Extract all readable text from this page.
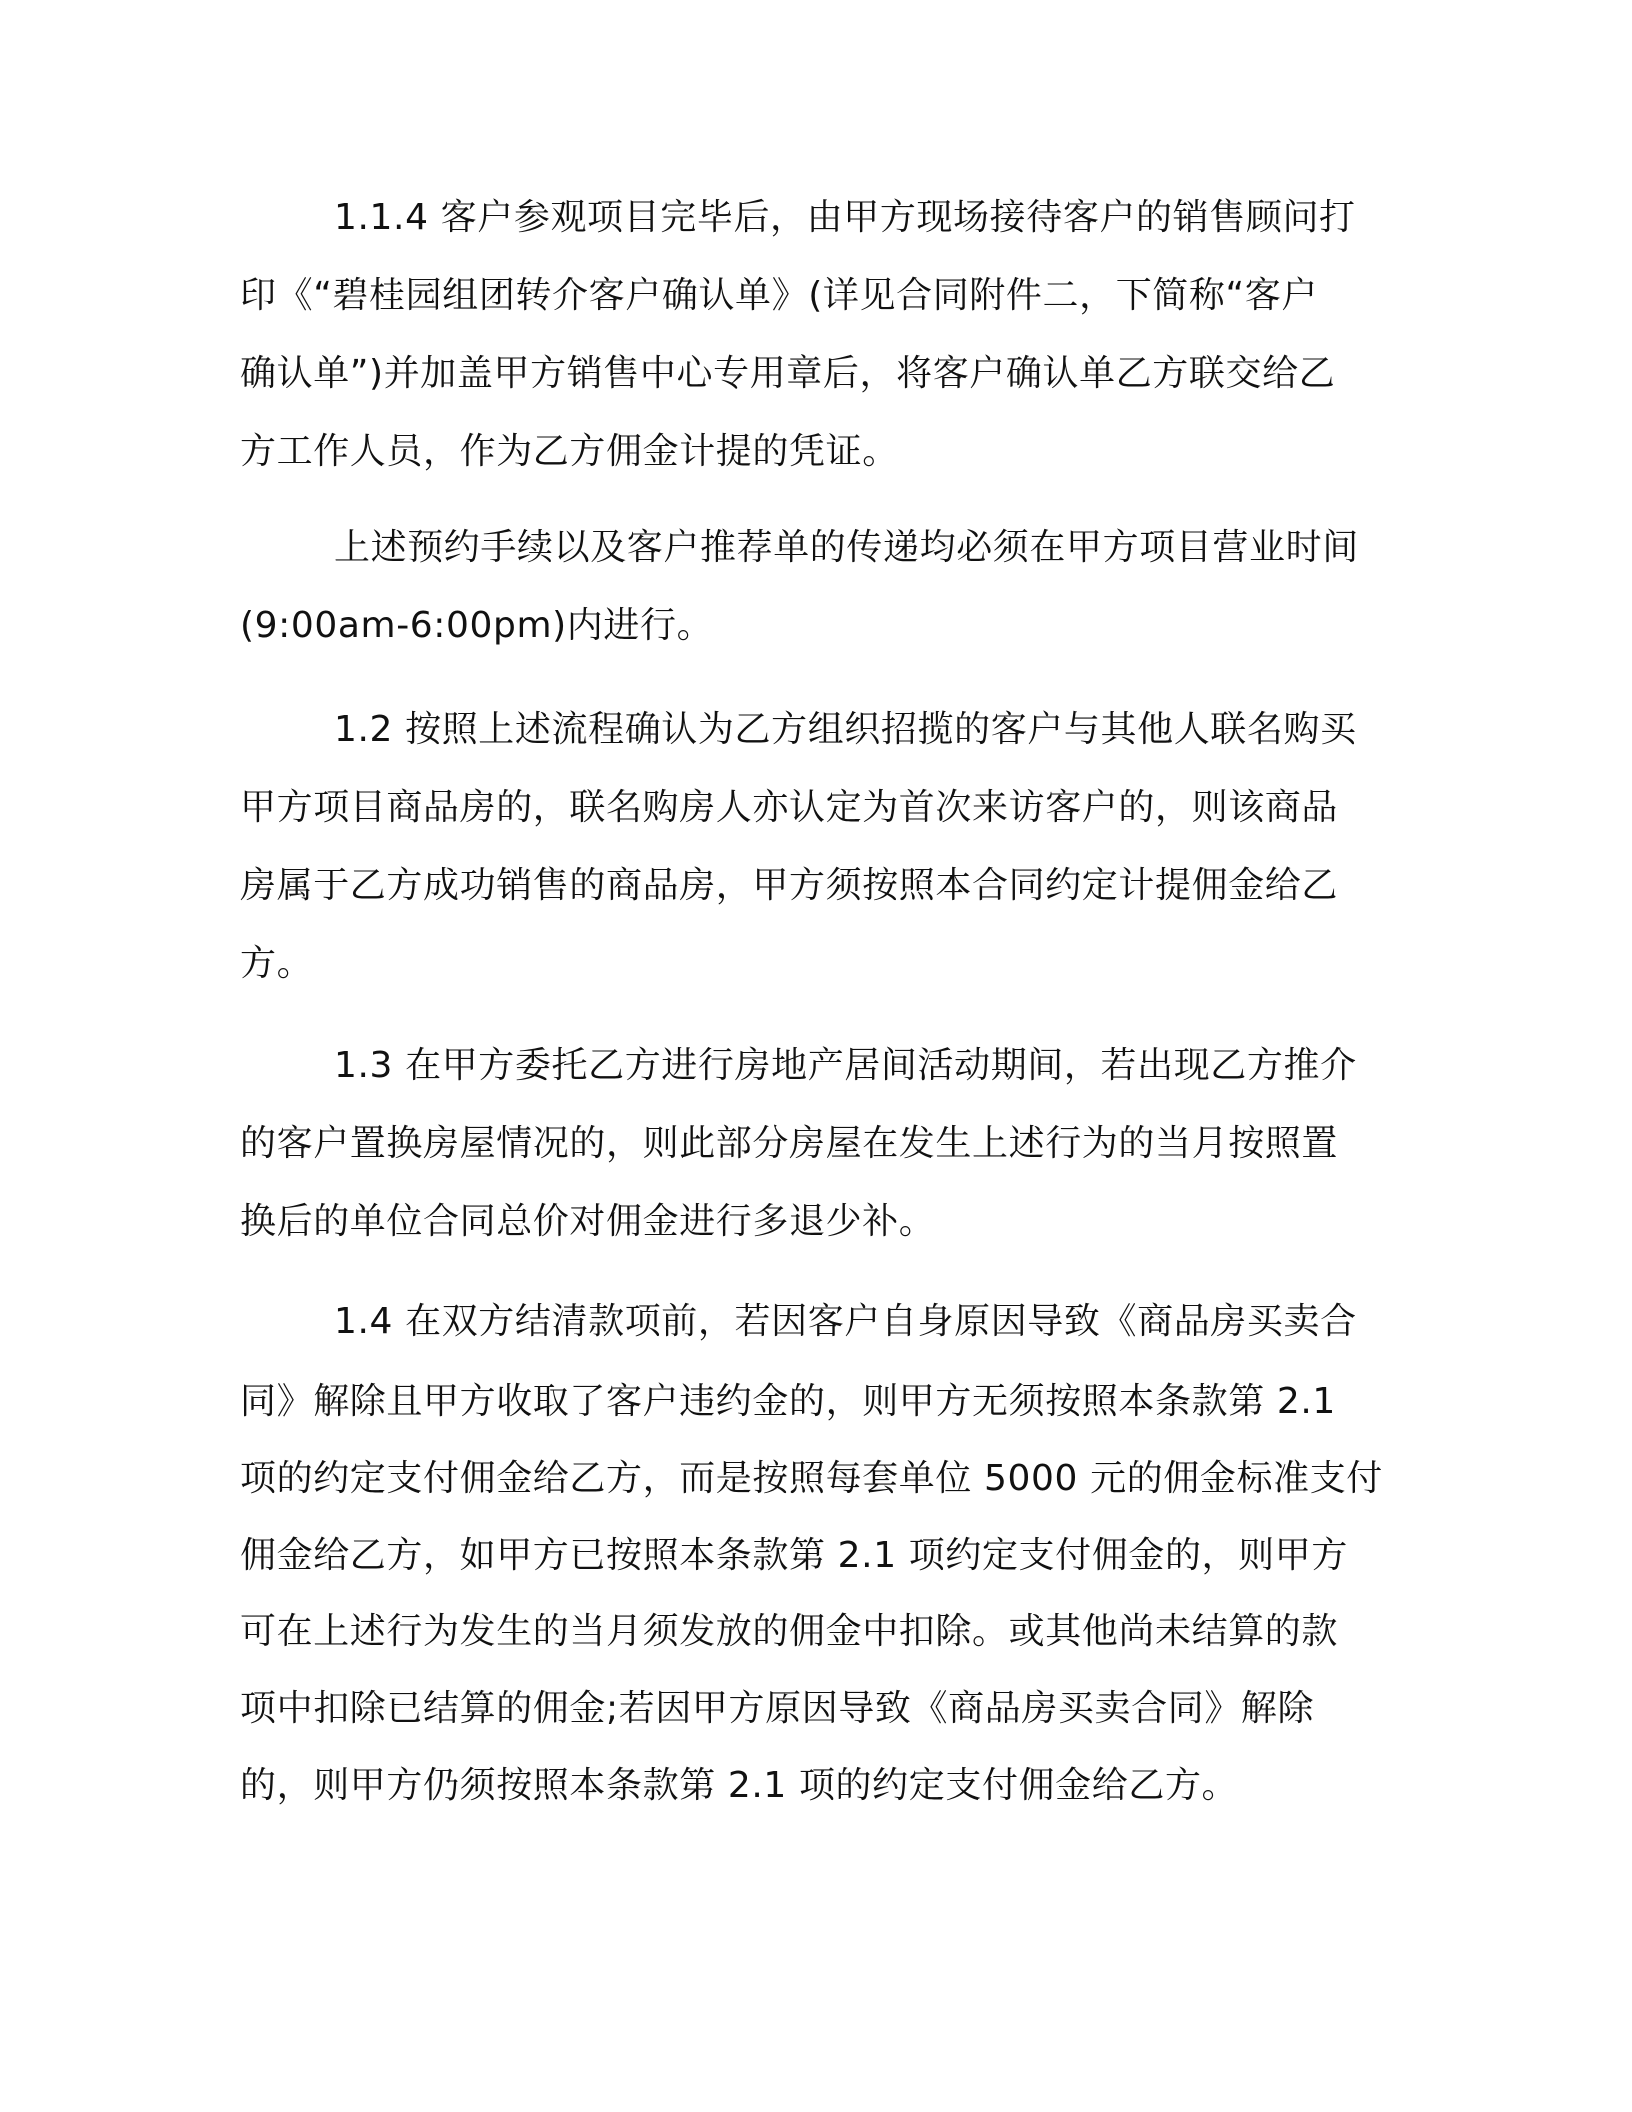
1.1.4 客户参观项目完毕后，由甲方现场接待客户的销售顾问打

印《“碧桂园组团转介客户确认单》(详见合同附件二，下简称“客户

确认单”)并加盖甲方销售中心专用章后，将客户确认单乙方联交给乙

方工作人员，作为乙方佣金计提的凭证。

上述预约手续以及客户推荐单的传递均必须在甲方项目营业时间

(9:00am-6:00pm)内进行。

1.2 按照上述流程确认为乙方组织招揽的客户与其他人联名购买

甲方项目商品房的，联名购房人亦认定为首次来访客户的，则该商品

房属于乙方成功销售的商品房，甲方须按照本合同约定计提佣金给乙

方。

1.3 在甲方委托乙方进行房地产居间活动期间，若出现乙方推介

的客户置换房屋情况的，则此部分房屋在发生上述行为的当月按照置

换后的单位合同总价对佣金进行多退少补。

1.4 在双方结清款项前，若因客户自身原因导致《商品房买卖合

同》解除且甲方收取了客户违约金的，则甲方无须按照本条款第 2.1

项的约定支付佣金给乙方，而是按照每套单位 5000 元的佣金标准支付

佣金给乙方，如甲方已按照本条款第 2.1 项约定支付佣金的，则甲方

可在上述行为发生的当月须发放的佣金中扣除。或其他尚未结算的款

项中扣除已结算的佣金;若因甲方原因导致《商品房买卖合同》解除

的，则甲方仍须按照本条款第 2.1 项的约定支付佣金给乙方。
